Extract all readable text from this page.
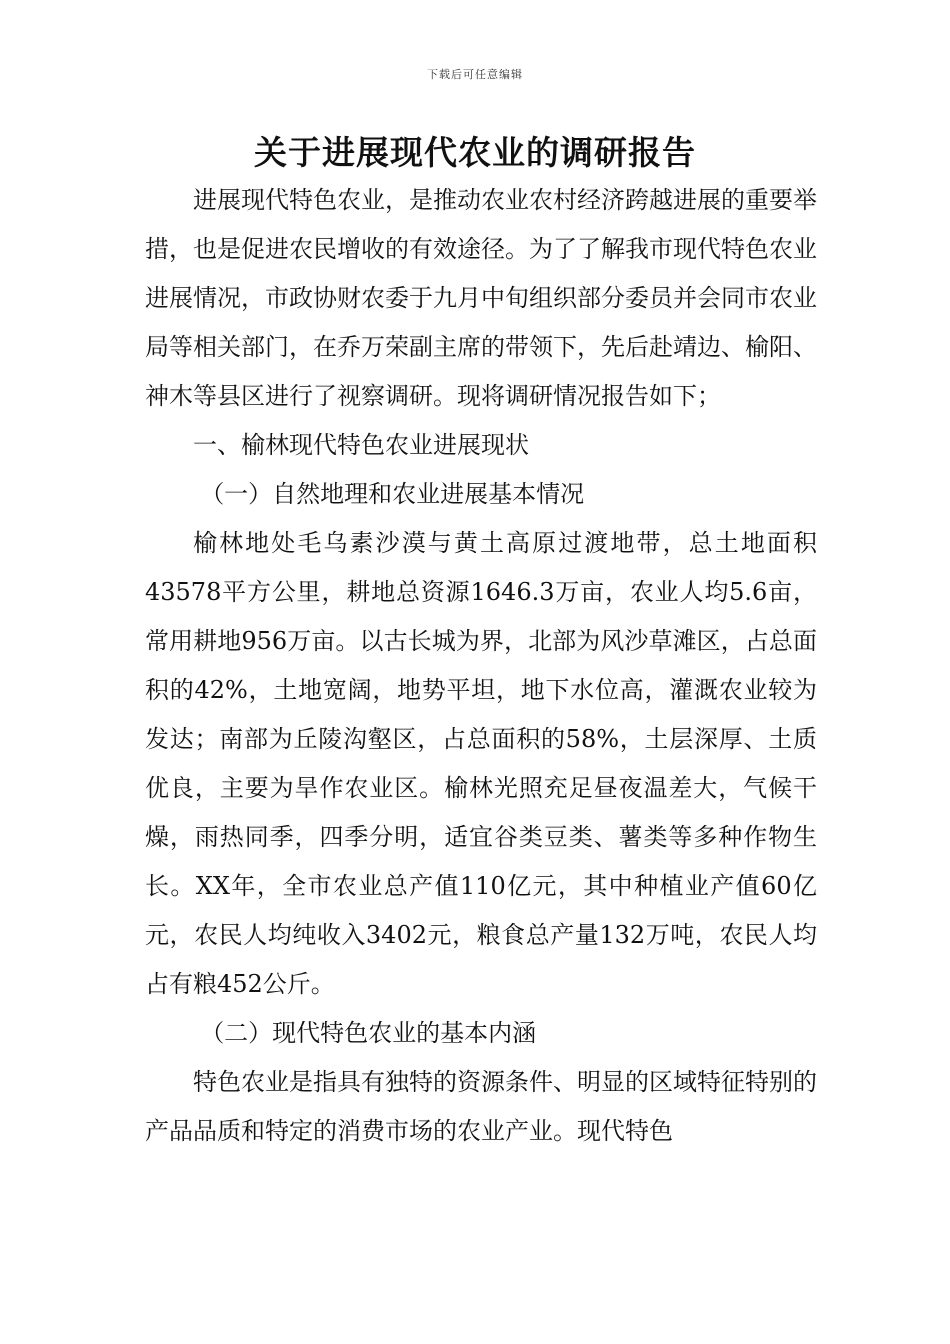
下载后可任意编辑
关于进展现代农业的调研报告

进展现代特色农业，是推动农业农村经济跨越进展的重要举措，也是促进农民增收的有效途径。为了了解我市现代特色农业进展情况，市政协财农委于九月中旬组织部分委员并会同市农业局等相关部门，在乔万荣副主席的带领下，先后赴靖边、榆阳、神木等县区进行了视察调研。现将调研情况报告如下；

一、榆林现代特色农业进展现状

（一）自然地理和农业进展基本情况

榆林地处毛乌素沙漠与黄土高原过渡地带，总土地面积43578平方公里，耕地总资源1646.3万亩，农业人均5.6亩，常用耕地956万亩。以古长城为界，北部为风沙草滩区，占总面积的42%，土地宽阔，地势平坦，地下水位高，灌溉农业较为发达；南部为丘陵沟壑区，占总面积的58%，土层深厚、土质优良，主要为旱作农业区。榆林光照充足昼夜温差大，气候干燥，雨热同季，四季分明，适宜谷类豆类、薯类等多种作物生长。XX年，全市农业总产值110亿元，其中种植业产值60亿元，农民人均纯收入3402元，粮食总产量132万吨，农民人均占有粮452公斤。

（二）现代特色农业的基本内涵

特色农业是指具有独特的资源条件、明显的区域特征特别的产品品质和特定的消费市场的农业产业。现代特色
